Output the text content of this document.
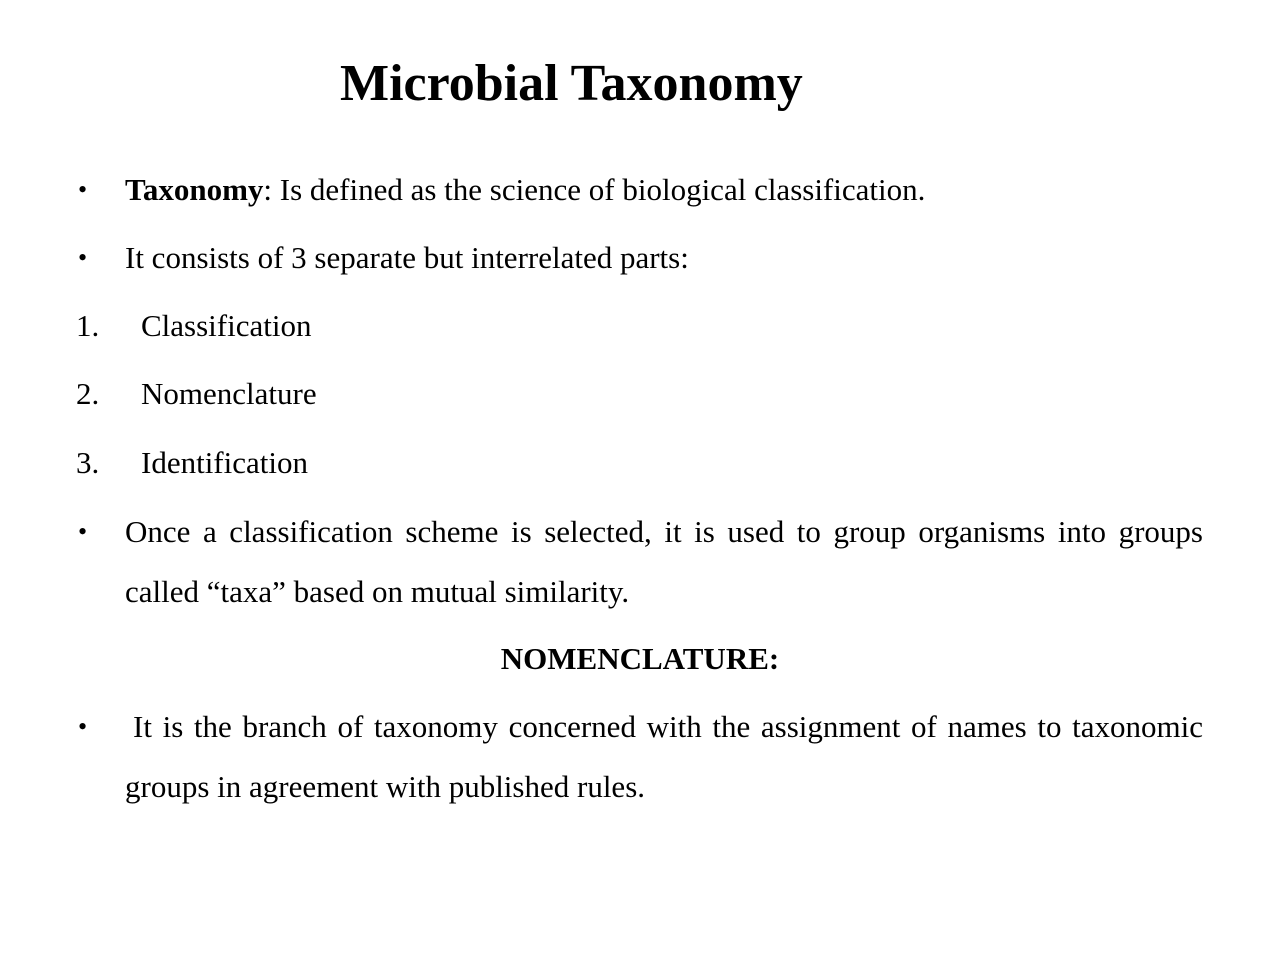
Microbial Taxonomy
• Taxonomy: Is defined as the science of biological classification.
• It consists of 3 separate but interrelated parts:
1. Classification
2. Nomenclature
3. Identification
• Once a classification scheme is selected, it is used to group organisms into groups called “taxa” based on mutual similarity.
NOMENCLATURE:
• It is the branch of taxonomy concerned with the assignment of names to taxonomic groups in agreement with published rules.
